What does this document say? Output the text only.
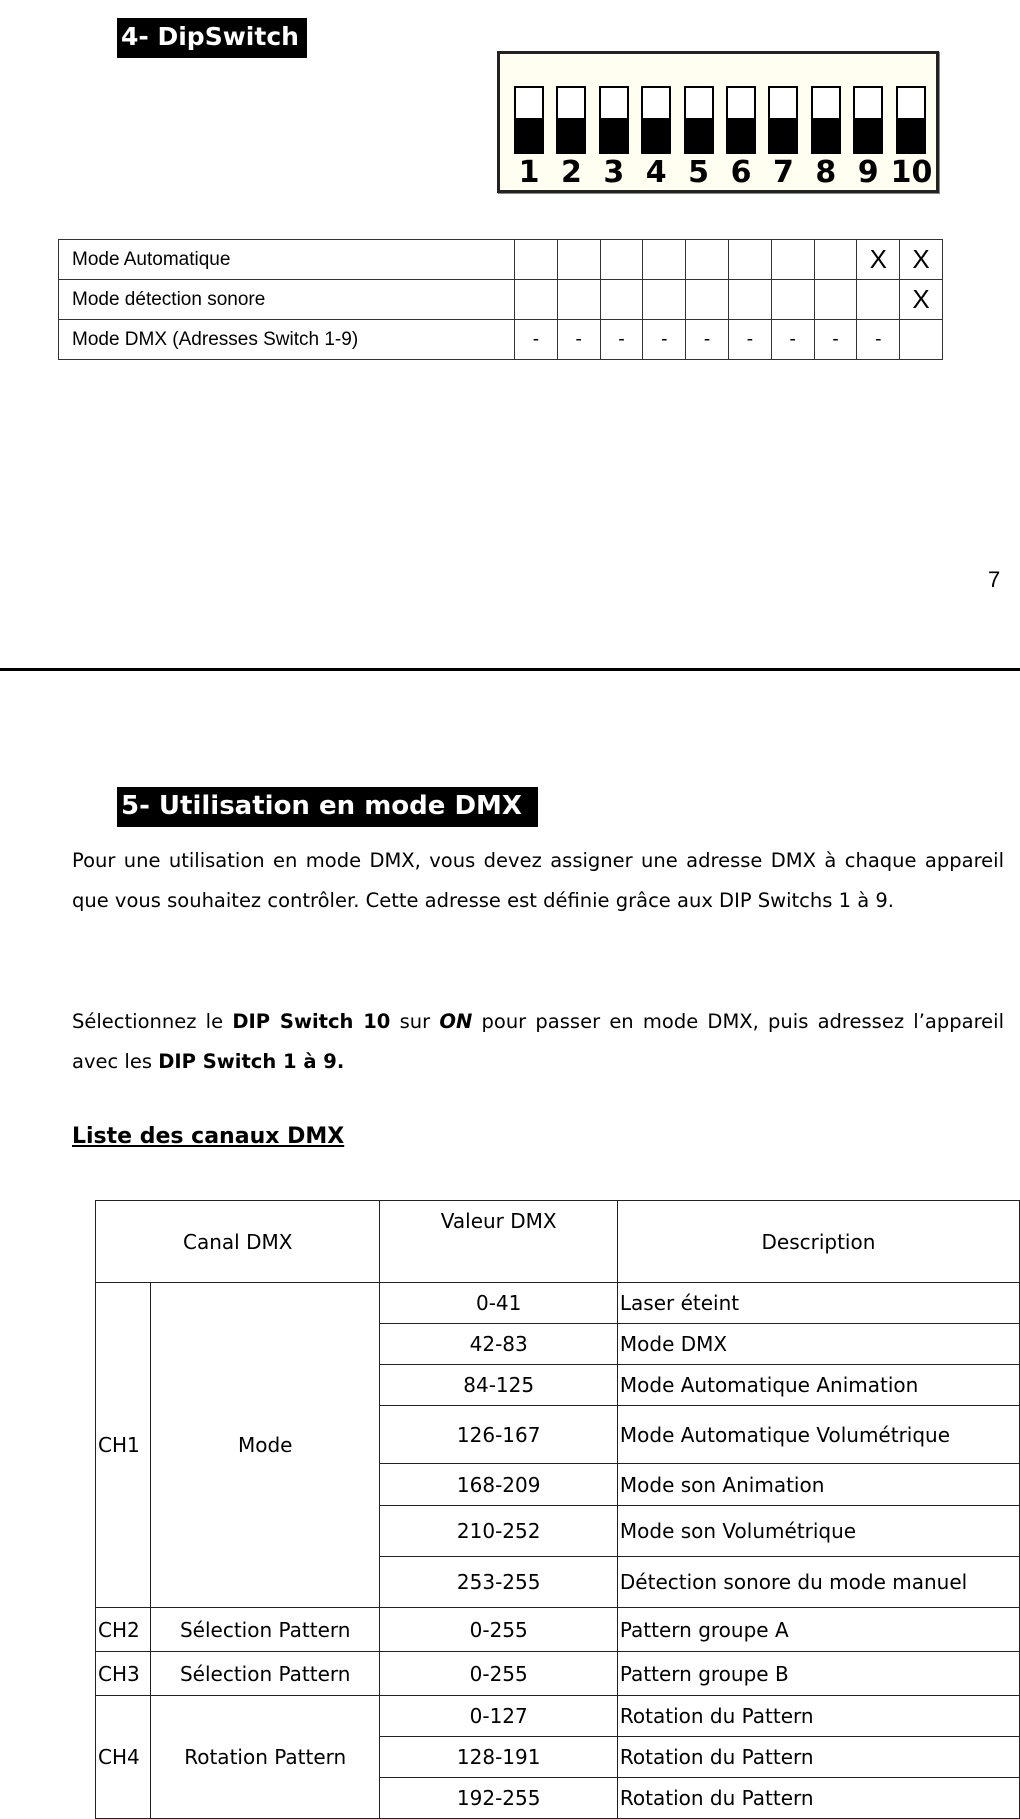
4- DipSwitch
1 2 3 4 5 6 7 8 9 10
Mode Automatique									X	X
Mode détection sonore										X
Mode DMX (Adresses Switch 1-9)	-	-	-	-	-	-	-	-	-	
7
5- Utilisation en mode DMX
Pour une utilisation en mode DMX, vous devez assigner une adresse DMX à chaque appareil que vous souhaitez contrôler. Cette adresse est définie grâce aux DIP Switchs 1 à 9.
Sélectionnez le DIP Switch 10 sur ON pour passer en mode DMX, puis adressez l’appareil avec les DIP Switch 1 à 9.
Liste des canaux DMX
Canal DMX		Valeur DMX	Description
CH1	Mode	0-41	Laser éteint
		42-83	Mode DMX
		84-125	Mode Automatique Animation
		126-167	Mode Automatique Volumétrique
		168-209	Mode son Animation
		210-252	Mode son Volumétrique
		253-255	Détection sonore du mode manuel
CH2	Sélection Pattern	0-255	Pattern groupe A
CH3	Sélection Pattern	0-255	Pattern groupe B
CH4	Rotation Pattern	0-127	Rotation du Pattern
		128-191	Rotation du Pattern
		192-255	Rotation du Pattern
